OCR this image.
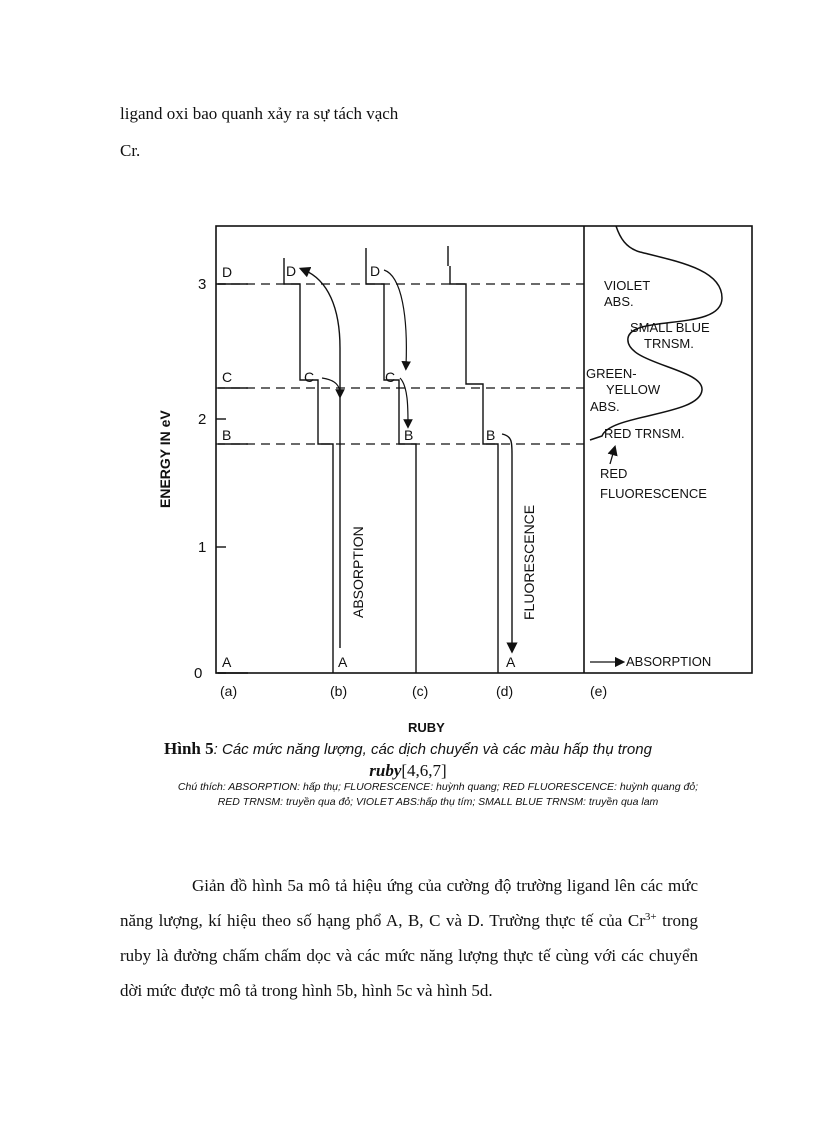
ligand oxi bao quanh xảy ra sự tách vạch
Cr.
0
1
2
3
ENERGY IN eV
D
C
B
A
D
C
A
D
C
B	B
A
ABSORPTION	FLUORESCENCE
(a)	(b)	(c)	(d)	(e)
RUBY
VIOLET
ABS.
SMALL BLUE
TRNSM.
GREEN-
YELLOW
ABS.
RED TRNSM.
RED
FLUORESCENCE
ABSORPTION
Hình 5: Các mức năng lượng, các dịch chuyển và các màu hấp thụ trong
ruby[4,6,7]
Chú thích: ABSORPTION: hấp thụ; FLUORESCENCE: huỳnh quang; RED FLUORESCENCE: huỳnh quang đỏ;
RED TRNSM: truyền qua đỏ; VIOLET ABS:hấp thụ tím; SMALL BLUE TRNSM: truyền qua lam
Giản đồ hình 5a mô tả hiệu ứng của cường độ trường ligand lên các mức năng lượng, kí hiệu theo số hạng phổ A, B, C và D. Trường thực tế của $Cr^{3+}$ trong ruby là đường chấm chấm dọc và các mức năng lượng thực tế cùng với các chuyển dời mức được mô tả trong hình 5b, hình 5c và hình 5d.
